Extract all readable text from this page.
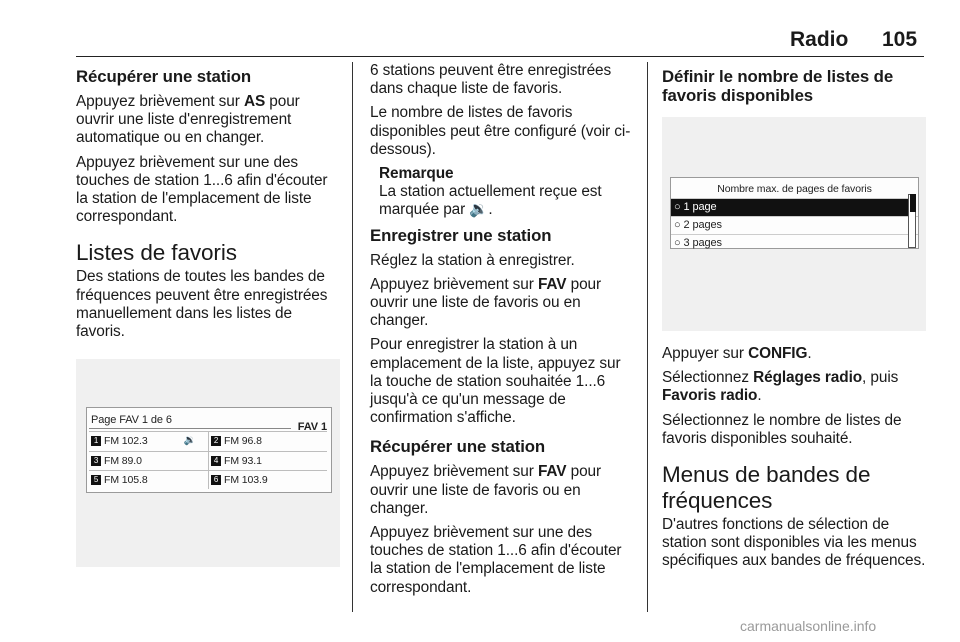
Radio 105
Récupérer une station

Appuyez brièvement sur AS pour ouvrir une liste d'enregistrement automatique ou en changer.

Appuyez brièvement sur une des touches de station 1...6 afin d'écouter la station de l'emplacement de liste correspondant.

Listes de favoris

Des stations de toutes les bandes de fréquences peuvent être enregistrées manuellement dans les listes de favoris.

Page FAV 1 de 6
FAV 1
1 FM 102.3	🔉	2 FM 96.8
3 FM 89.0	4 FM 93.1
5 FM 105.8	6 FM 103.9

6 stations peuvent être enregistrées dans chaque liste de favoris.

Le nombre de listes de favoris disponibles peut être configuré (voir ci-dessous).

Remarque
La station actuellement reçue est marquée par 🔉.
Enregistrer une station

Réglez la station à enregistrer.

Appuyez brièvement sur FAV pour ouvrir une liste de favoris ou en changer.

Pour enregistrer la station à un emplacement de la liste, appuyez sur la touche de station souhaitée 1...6 jusqu'à ce qu'un message de confirmation s'affiche.

Récupérer une station

Appuyez brièvement sur FAV pour ouvrir une liste de favoris ou en changer.

Appuyez brièvement sur une des touches de station 1...6 afin d'écouter la station de l'emplacement de liste correspondant.

Définir le nombre de listes de favoris disponibles
Nombre max. de pages de favoris
○ 1 page
○ 2 pages
○ 3 pages

Appuyer sur CONFIG.

Sélectionnez Réglages radio, puis Favoris radio.

Sélectionnez le nombre de listes de favoris disponibles souhaité.

Menus de bandes de fréquences

D'autres fonctions de sélection de station sont disponibles via les menus spécifiques aux bandes de fréquences.

carmanualsonline.info
